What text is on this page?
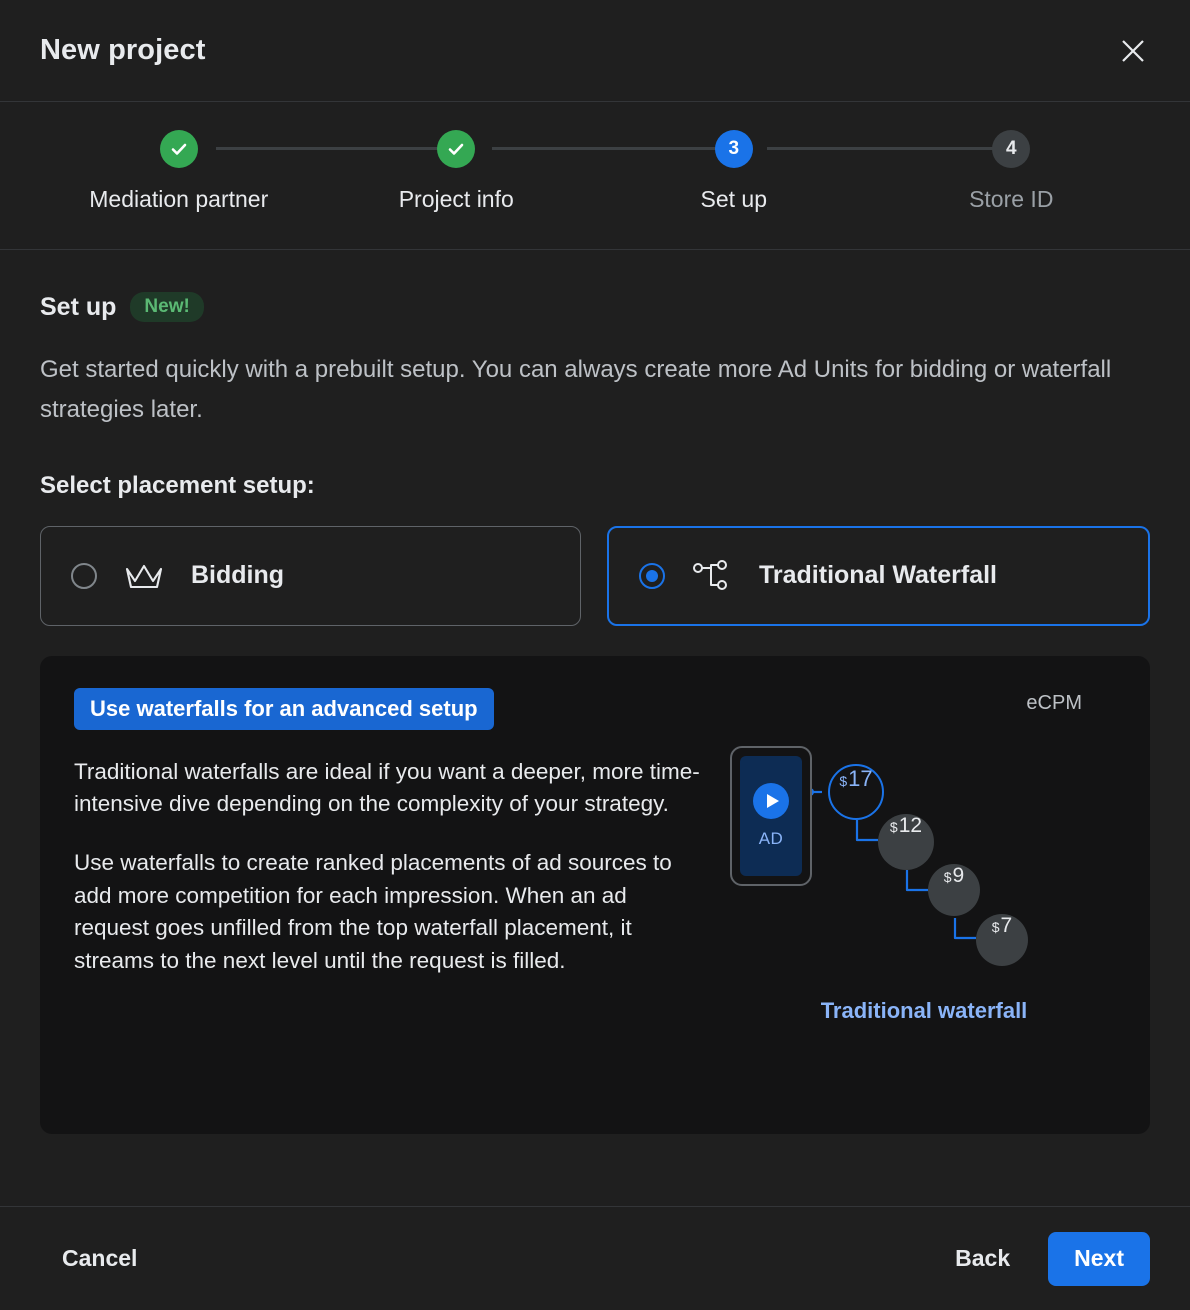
New project
Mediation partner	Project info
3
Set up
4
Store ID
Set up	New!
Get started quickly with a prebuilt setup. You can always create more Ad Units for bidding or waterfall strategies later.
Select placement setup:
Bidding	Traditional Waterfall
Use waterfalls for an advanced setup
Traditional waterfalls are ideal if you want a deeper, more time-intensive dive depending on the complexity of your strategy.
Use waterfalls to create ranked placements of ad sources to add more competition for each impression. When an ad request goes unfilled from the top waterfall placement, it streams to the next level until the request is filled.
eCPM
AD
$ 17
$ 12
$ 9
$ 7
Traditional waterfall
Cancel	Back	Next
